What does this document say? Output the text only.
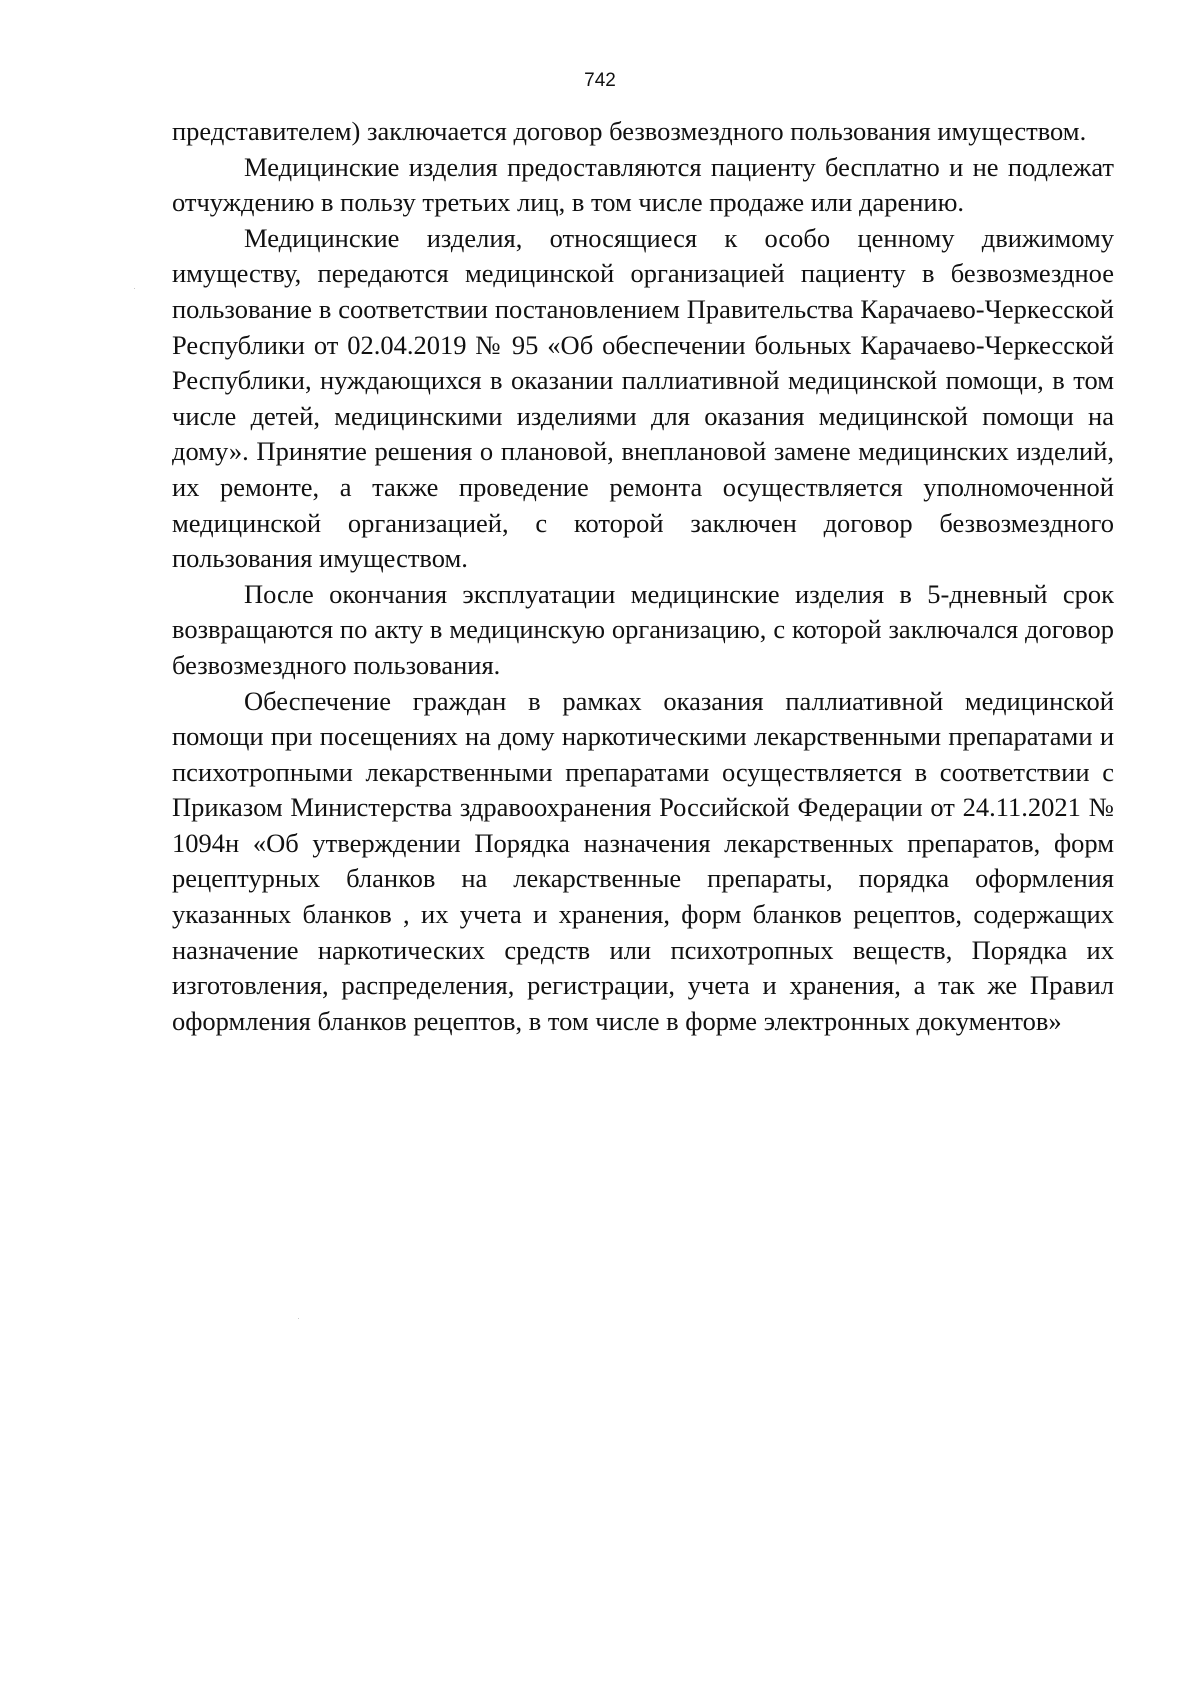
742

представителем) заключается договор безвозмездного пользования имуществом.

Медицинские изделия предоставляются пациенту бесплатно и не подлежат отчуждению в пользу третьих лиц, в том числе продаже или дарению.

Медицинские изделия, относящиеся к особо ценному движимому имуществу, передаются медицинской организацией пациенту в безвозмездное пользование в соответствии постановлением Правительства Карачаево-Черкесской Республики от 02.04.2019 № 95 «Об обеспечении больных Карачаево-Черкесской Республики, нуждающихся в оказании паллиативной медицинской помощи, в том числе детей, медицинскими изделиями для оказания медицинской помощи на дому». Принятие решения о плановой, внеплановой замене медицинских изделий, их ремонте, а также проведение ремонта осуществляется уполномоченной медицинской организацией, с которой заключен договор безвозмездного пользования имуществом.

После окончания эксплуатации медицинские изделия в 5-дневный срок возвращаются по акту в медицинскую организацию, с которой заключался договор безвозмездного пользования.

Обеспечение граждан в рамках оказания паллиативной медицинской помощи при посещениях на дому наркотическими лекарственными препаратами и психотропными лекарственными препаратами осуществляется в соответствии с Приказом Министерства здравоохранения Российской Федерации от 24.11.2021 № 1094н «Об утверждении Порядка назначения лекарственных препаратов, форм рецептурных бланков на лекарственные препараты, порядка оформления указанных бланков , их учета и хранения, форм бланков рецептов, содержащих назначение наркотических средств или психотропных веществ, Порядка их изготовления, распределения, регистрации, учета и хранения, а так же Правил оформления бланков рецептов, в том числе в форме электронных документов»
